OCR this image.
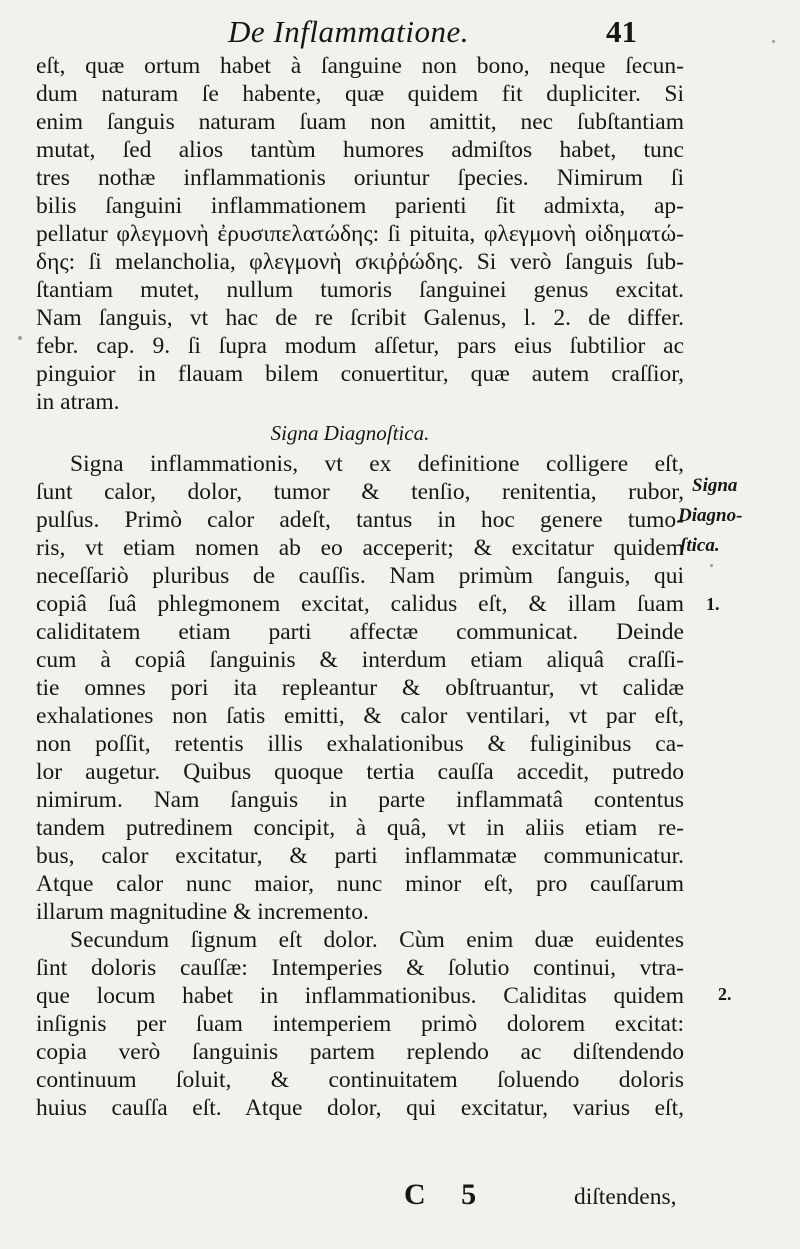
De Inflammatione.	41
eſt, quæ ortum habet à ſanguine non bono, neque ſecun-
dum naturam ſe habente, quæ quidem fit dupliciter. Si
enim ſanguis naturam ſuam non amittit, nec ſubſtantiam
mutat, ſed alios tantùm humores admiſtos habet, tunc
tres nothæ inflammationis oriuntur ſpecies. Nimirum ſi
bilis ſanguini inflammationem parienti ſit admixta, ap-
pellatur φλεγμονὴ ἐρυσιπελατώδης: ſi pituita, φλεγμονὴ οἰδηματώ-
δης: ſi melancholia, φλεγμονὴ σκιῤῥώδης. Si verò ſanguis ſub-
ſtantiam mutet, nullum tumoris ſanguinei genus excitat.
Nam ſanguis, vt hac de re ſcribit Galenus, l. 2. de differ.
febr. cap. 9. ſi ſupra modum aſſetur, pars eius ſubtilior ac
pinguior in flauam bilem conuertitur, quæ autem craſſior,
in atram.
Signa Diagnoſtica.
Signa inflammationis, vt ex definitione colligere eſt,
ſunt calor, dolor, tumor & tenſio, renitentia, rubor,
pulſus. Primò calor adeſt, tantus in hoc genere tumo-
ris, vt etiam nomen ab eo acceperit; & excitatur quidem
neceſſariò pluribus de cauſſis. Nam primùm ſanguis, qui
copiâ ſuâ phlegmonem excitat, calidus eſt, & illam ſuam
caliditatem etiam parti affectæ communicat. Deinde
cum à copiâ ſanguinis & interdum etiam aliquâ craſſi-
tie omnes pori ita repleantur & obſtruantur, vt calidæ
exhalationes non ſatis emitti, & calor ventilari, vt par eſt,
non poſſit, retentis illis exhalationibus & fuliginibus ca-
lor augetur. Quibus quoque tertia cauſſa accedit, putredo
nimirum. Nam ſanguis in parte inflammatâ contentus
tandem putredinem concipit, à quâ, vt in aliis etiam re-
bus, calor excitatur, & parti inflammatæ communicatur.
Atque calor nunc maior, nunc minor eſt, pro cauſſarum
illarum magnitudine & incremento.
Secundum ſignum eſt dolor. Cùm enim duæ euidentes
ſint doloris cauſſæ: Intemperies & ſolutio continui, vtra-
que locum habet in inflammationibus. Caliditas quidem
inſignis per ſuam intemperiem primò dolorem excitat:
copia verò ſanguinis partem replendo ac diſtendendo
continuum ſoluit, & continuitatem ſoluendo doloris
huius cauſſa eſt. Atque dolor, qui excitatur, varius eſt,
Signa
Diagno-
ſtica.
1.
2.
C 5	diſtendens,
